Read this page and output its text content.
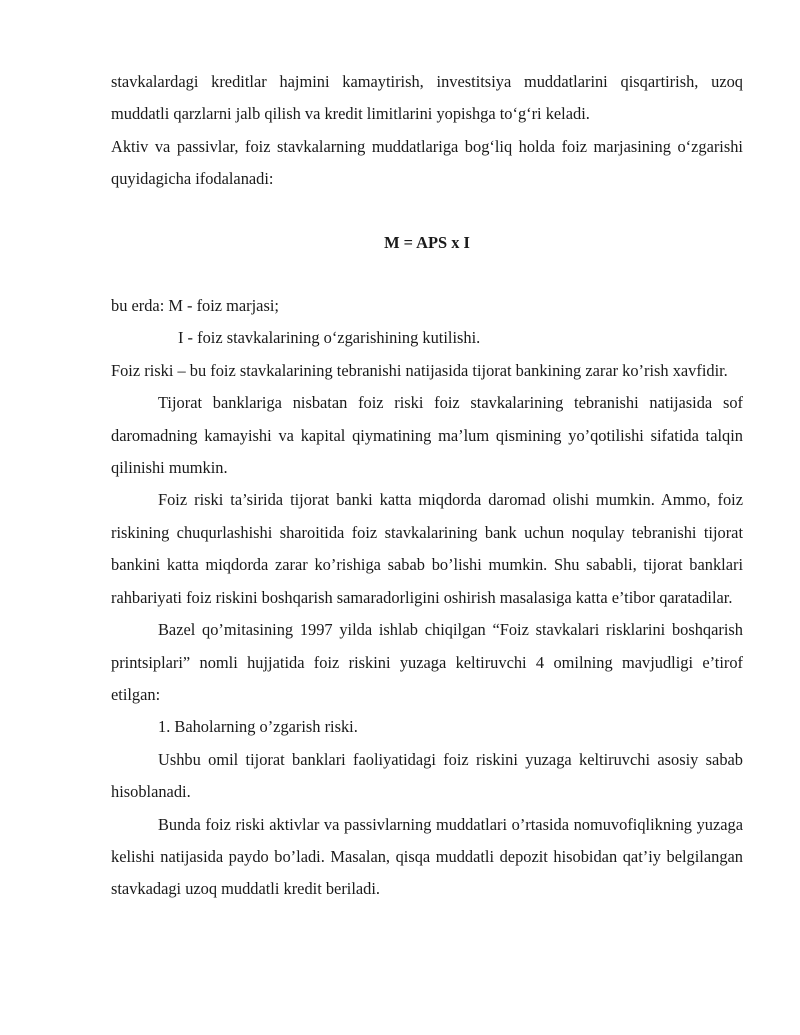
stavkalardagi kreditlar hajmini kamaytirish, investitsiya muddatlarini qisqartirish, uzoq muddatli qarzlarni jalb qilish va kredit limitlarini yopishga to‘g‘ri keladi.

Aktiv va passivlar, foiz stavkalarning muddatlariga bog‘liq holda foiz marjasining o‘zgarishi quyidagicha ifodalanadi:

M = APS x I

bu erda: M - foiz marjasi;

I - foiz stavkalarining o‘zgarishining kutilishi.

Foiz riski – bu foiz stavkalarining tebranishi natijasida tijorat bankining zarar ko’rish xavfidir.

Tijorat banklariga nisbatan foiz riski foiz stavkalarining tebranishi natijasida sof daromadning kamayishi va kapital qiymatining ma’lum qismining yo’qotilishi sifatida talqin qilinishi mumkin.

Foiz riski ta’sirida tijorat banki katta miqdorda daromad olishi mumkin. Ammo, foiz riskining chuqurlashishi sharoitida foiz stavkalarining bank uchun noqulay tebranishi tijorat bankini katta miqdorda zarar ko’rishiga sabab bo’lishi mumkin. Shu sababli, tijorat banklari rahbariyati foiz riskini boshqarish samaradorligini oshirish masalasiga katta e’tibor qaratadilar.

Bazel qo’mitasining 1997 yilda ishlab chiqilgan “Foiz stavkalari risklarini boshqarish printsiplari” nomli hujjatida foiz riskini yuzaga keltiruvchi 4 omilning mavjudligi e’tirof etilgan:

1. Baholarning o’zgarish riski.

Ushbu omil tijorat banklari faoliyatidagi foiz riskini yuzaga keltiruvchi asosiy sabab hisoblanadi.

Bunda foiz riski aktivlar va passivlarning muddatlari o’rtasida nomuvofiqlikning yuzaga kelishi natijasida paydo bo’ladi. Masalan, qisqa muddatli depozit hisobidan qat’iy belgilangan stavkadagi uzoq muddatli kredit beriladi.
